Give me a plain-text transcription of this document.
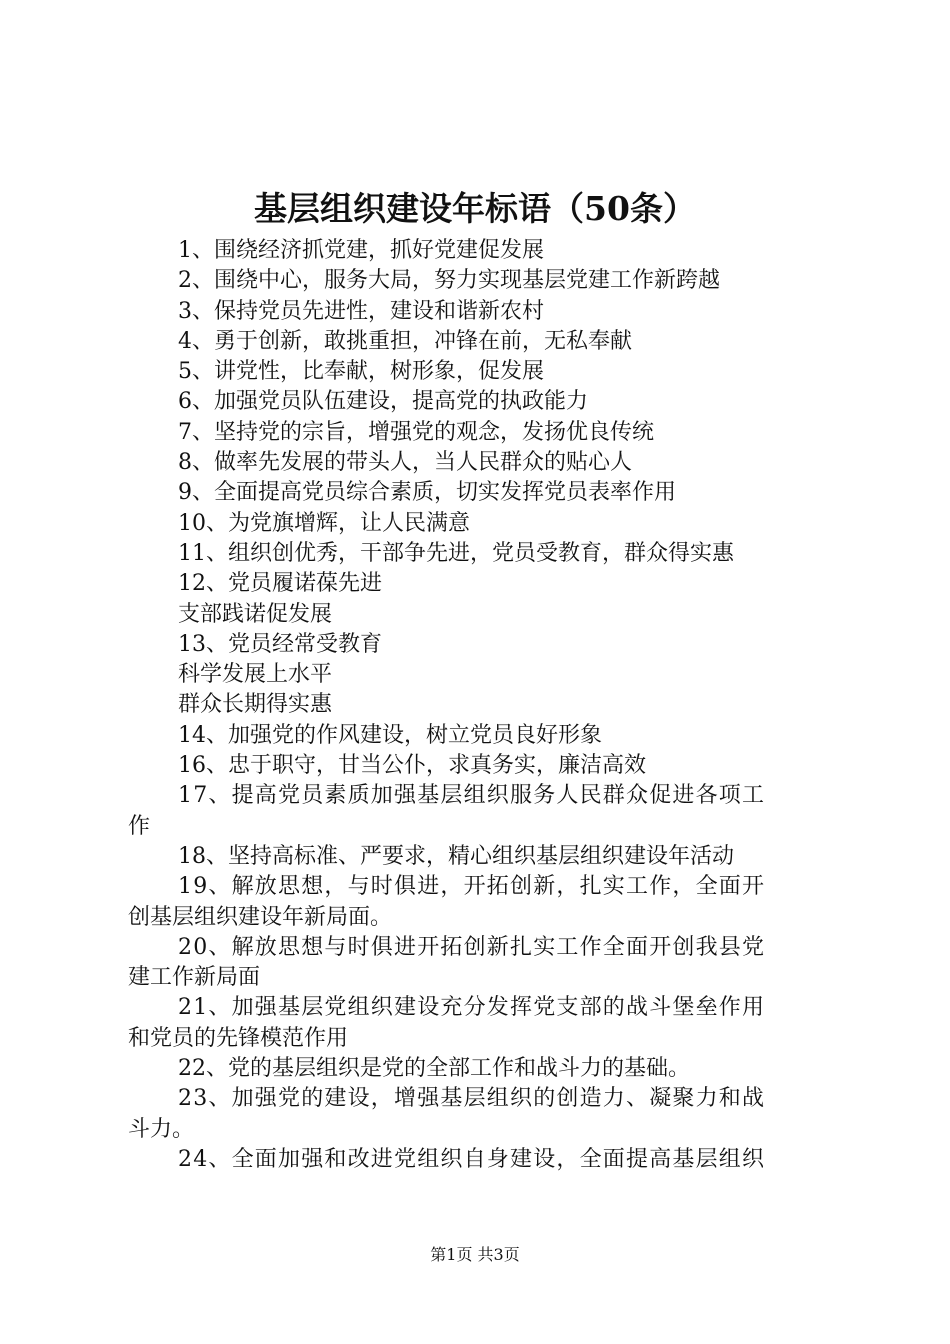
基层组织建设年标语（50条）
1、围绕经济抓党建，抓好党建促发展
2、围绕中心，服务大局，努力实现基层党建工作新跨越
3、保持党员先进性，建设和谐新农村
4、勇于创新，敢挑重担，冲锋在前，无私奉献
5、讲党性，比奉献，树形象，促发展
6、加强党员队伍建设，提高党的执政能力
7、坚持党的宗旨，增强党的观念，发扬优良传统
8、做率先发展的带头人，当人民群众的贴心人
9、全面提高党员综合素质，切实发挥党员表率作用
10、为党旗增辉，让人民满意
11、组织创优秀，干部争先进，党员受教育，群众得实惠
12、党员履诺葆先进
支部践诺促发展
13、党员经常受教育
科学发展上水平
群众长期得实惠
14、加强党的作风建设，树立党员良好形象
16、忠于职守，甘当公仆，求真务实，廉洁高效
17、提高党员素质加强基层组织服务人民群众促进各项工
作
18、坚持高标准、严要求，精心组织基层组织建设年活动
19、解放思想，与时俱进，开拓创新，扎实工作，全面开
创基层组织建设年新局面。
20、解放思想与时俱进开拓创新扎实工作全面开创我县党
建工作新局面
21、加强基层党组织建设充分发挥党支部的战斗堡垒作用
和党员的先锋模范作用
22、党的基层组织是党的全部工作和战斗力的基础。
23、加强党的建设，增强基层组织的创造力、凝聚力和战
斗力。
24、全面加强和改进党组织自身建设，全面提高基层组织
第1页 共3页
